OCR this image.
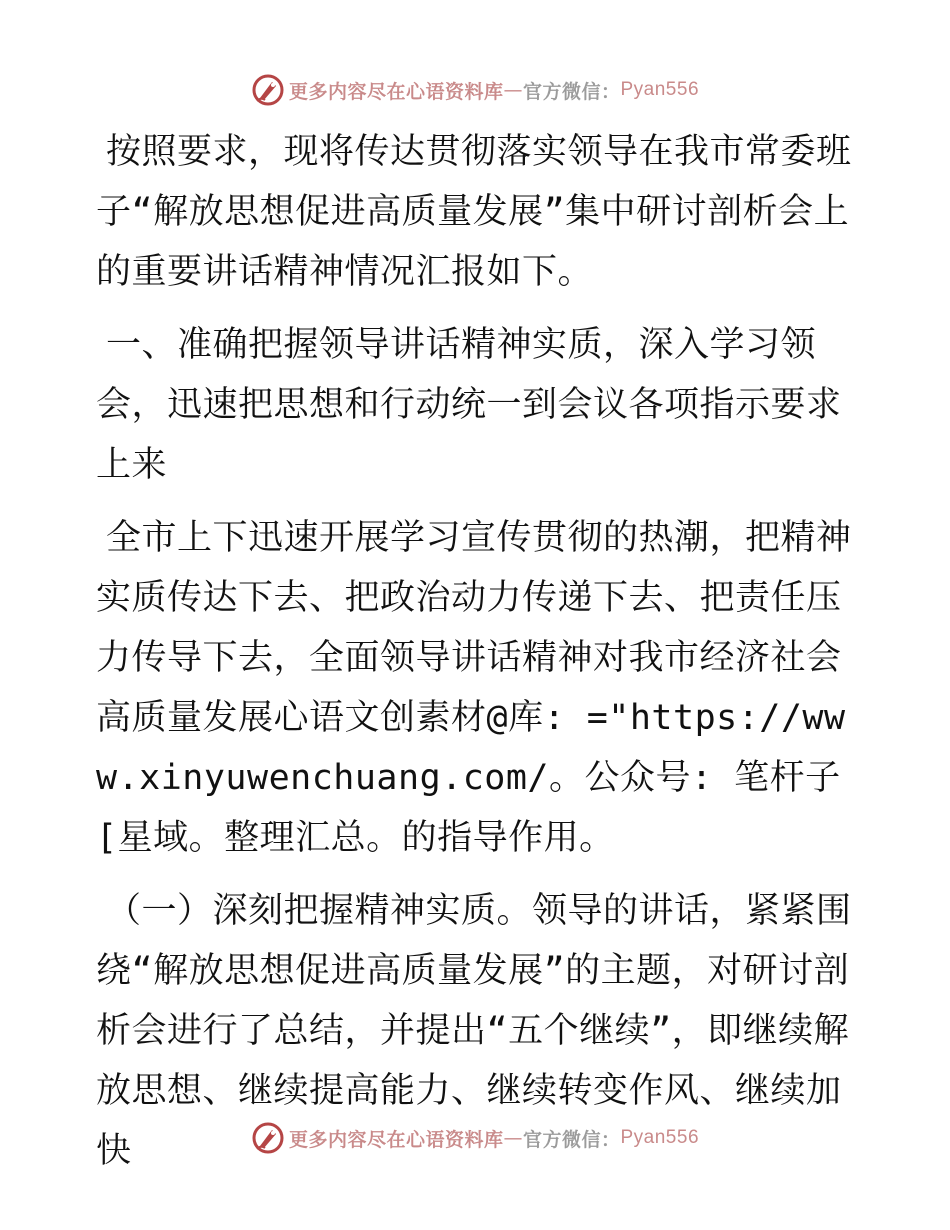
更多内容尽在心语资料库 — 官方微信： Pyan556

按照要求，现将传达贯彻落实领导在我市常委班子“解放思想促进高质量发展”集中研讨剖析会上的重要讲话精神情况汇报如下。

一、准确把握领导讲话精神实质，深入学习领会，迅速把思想和行动统一到会议各项指示要求上来

全市上下迅速开展学习宣传贯彻的热潮，把精神实质传达下去、把政治动力传递下去、把责任压力传导下去，全面领导讲话精神对我市经济社会高质量发展心语文创素材@库: ="https://www.xinyuwenchuang.com/。公众号: 笔杆子[星域。整理汇总。的指导作用。

（一）深刻把握精神实质。领导的讲话，紧紧围绕“解放思想促进高质量发展”的主题，对研讨剖析会进行了总结，并提出“五个继续”，即继续解放思想、继续提高能力、继续转变作风、继续加快	更多内容尽在心语资料库 — 官方微信： Pyan556
